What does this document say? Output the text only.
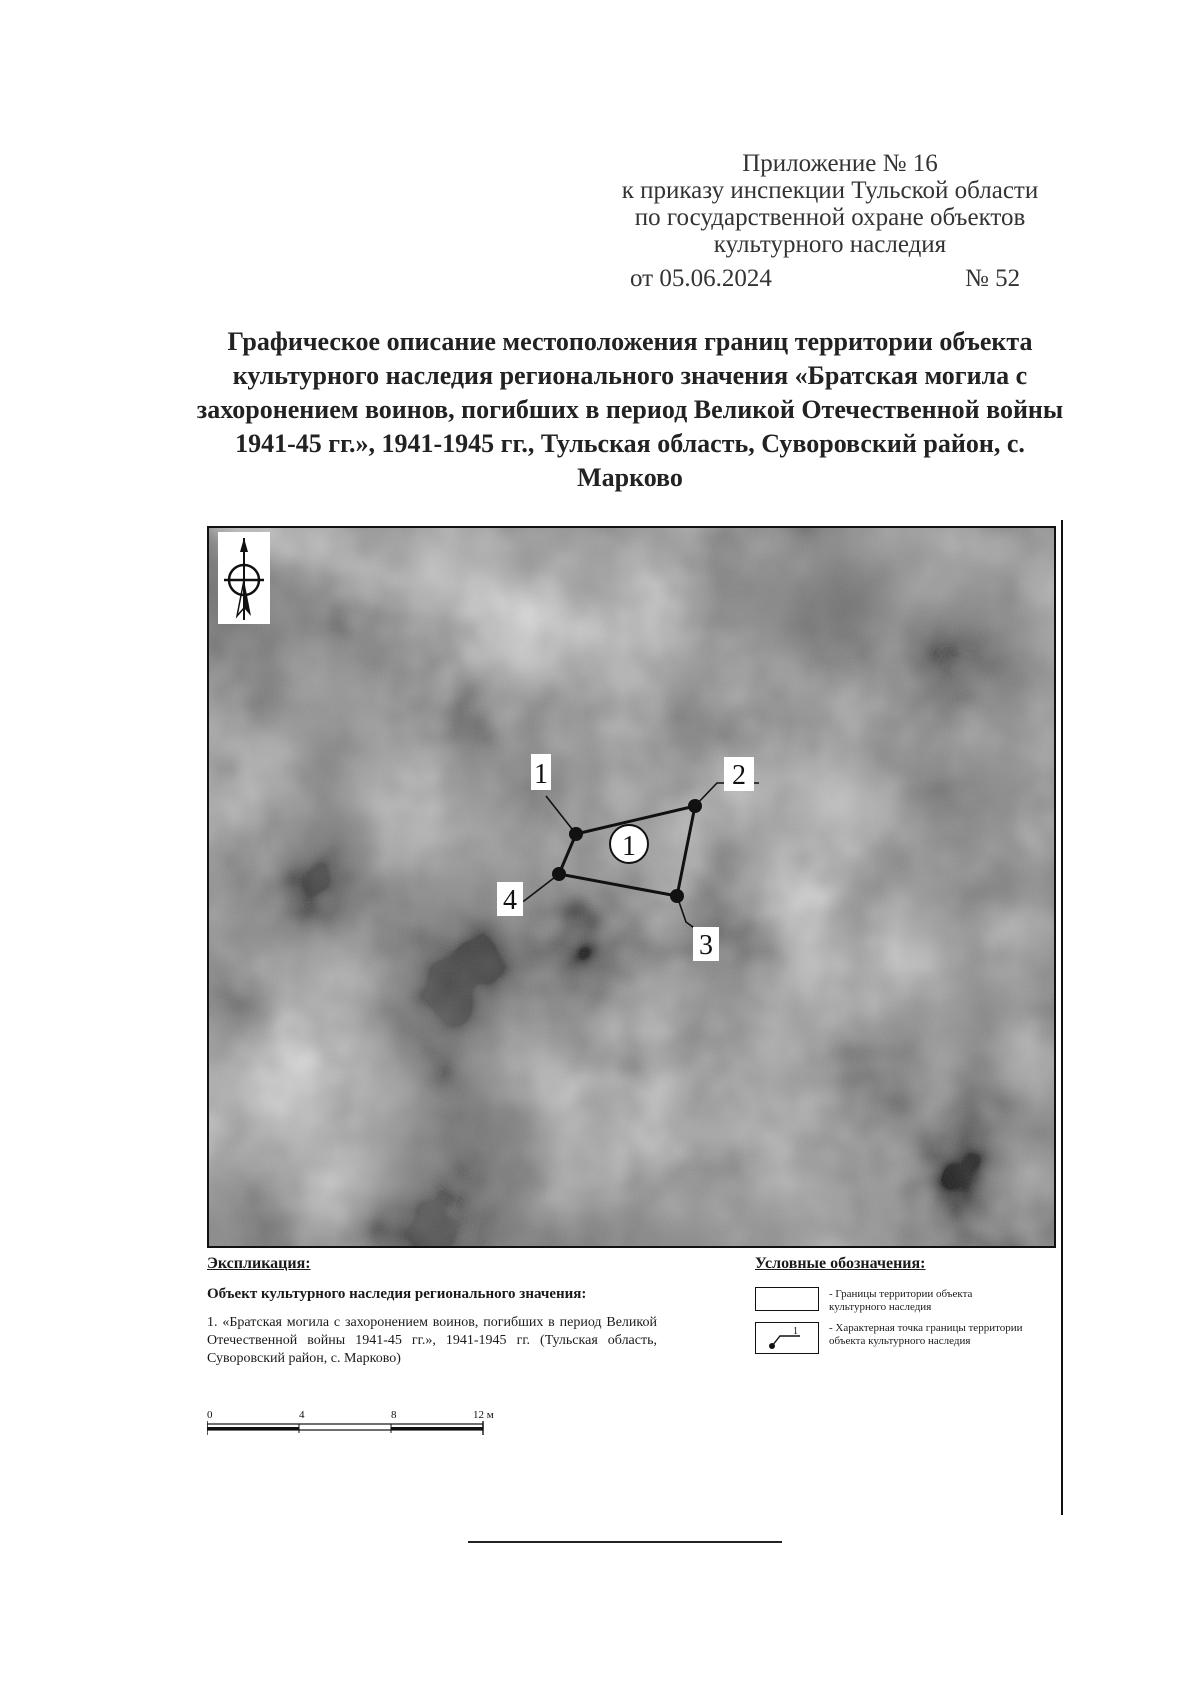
Приложение № 16
к приказу инспекции Тульской области
по государственной охране объектов
культурного наследия
от 05.06.2024	№ 52
Графическое описание местоположения границ территории объекта культурного наследия регионального значения «Братская могила с захоронением воинов, погибших в период Великой Отечественной войны 1941-45 гг.», 1941-1945 гг., Тульская область, Суворовский район, с. Марково
1	2
3
4
1
Экспликация:
Объект культурного наследия регионального значения:
1. «Братская могила с захоронением воинов, погибших в период Великой Отечественной войны 1941-45 гг.», 1941-1945 гг. (Тульская область, Суворовский район, с. Марково)
Условные обозначения:
- Границы территории объекта культурного наследия
1	- Характерная точка границы территории объекта культурного наследия
0	4	8	12 м
